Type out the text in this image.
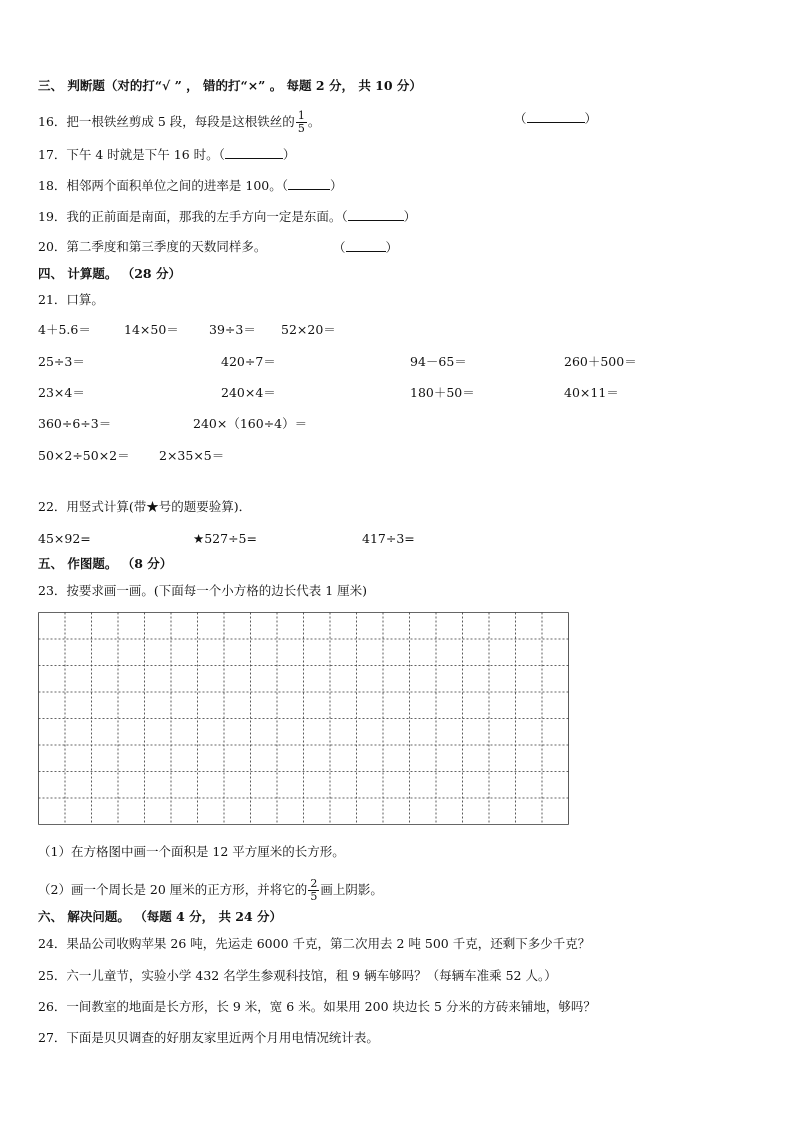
三、 判断题（对的打“√ ” ， 错的打“×” 。 每题 2 分， 共 10 分）
16．把一根铁丝剪成 5 段，每段是这根铁丝的 $\frac{1}{5}$ 。	（	）
17．下午 4 时就是下午 16 时。（	）
18．相邻两个面积单位之间的进率是 100。（	）
19．我的正前面是南面，那我的左手方向一定是东面。（	）
20．第二季度和第三季度的天数同样多。	（	）
四、 计算题。 （28 分）
21．口算。
4＋5.6＝	14×50＝ 39÷3＝ 52×20＝
25÷3＝	420÷7＝	94－65＝	260＋500＝
23×4＝	240×4＝	180＋50＝	40×11＝
360÷6÷3＝	240×（160÷4）＝
50×2÷50×2＝ 2×35×5＝
22．用竖式计算(带★号的题要验算)．
45×92=	★527÷5=	417÷3=
五、 作图题。 （8 分）
23．按要求画一画。(下面每一个小方格的边长代表 1 厘米)
（1）在方格图中画一个面积是 12 平方厘米的长方形。
（2）画一个周长是 20 厘米的正方形，并将它的 $\frac{2}{5}$ 画上阴影。
六、 解决问题。 （每题 4 分， 共 24 分）
24．果品公司收购苹果 26 吨，先运走 6000 千克，第二次用去 2 吨 500 千克，还剩下多少千克？
25．六一儿童节，实验小学 432 名学生参观科技馆，租 9 辆车够吗？（每辆车准乘 52 人。）
26．一间教室的地面是长方形，长 9 米，宽 6 米。如果用 200 块边长 5 分米的方砖来铺地，够吗？
27．下面是贝贝调查的好朋友家里近两个月用电情况统计表。
